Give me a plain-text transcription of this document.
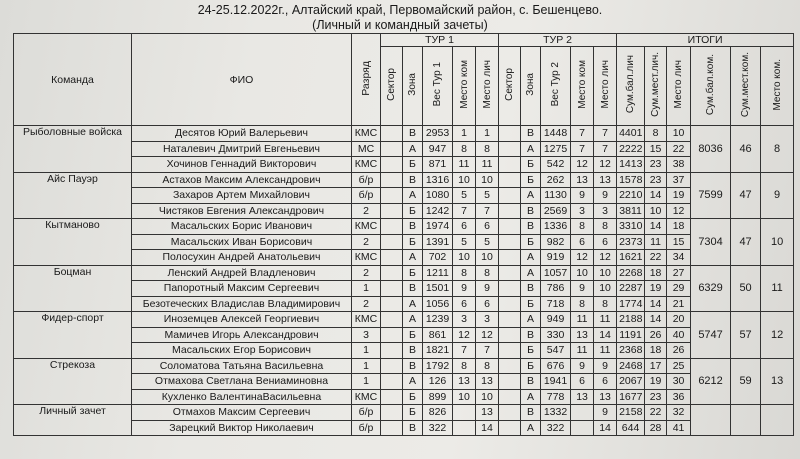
24-25.12.2022г., Алтайский край, Первомайский район, с. Бешенцево.
(Личный и командный зачеты)
Команда	ФИО	Разряд	ТУР 1					ТУР 2					ИТОГИ					
			Сектор	Зона	Вес Тур 1	Место ком	Место лич	Сектор	Зона	Вес Тур 2	Место ком	Место лич	Сум.бал.лич	Сум.мест.лич.	Место лич	Сум.бал.ком.	Сум.мест.ком.	Место ком.
Рыболовные войска	Десятов Юрий Валерьевич	КМС		В	2953	1	1		В	1448	7	7	4401	8	10	8036	46	8
	Наталевич Дмитрий Евгеньевич	МС		А	947	8	8		А	1275	7	7	2222	15	22			
	Хочинов Геннадий Викторович	КМС		Б	871	11	11		Б	542	12	12	1413	23	38			
Айс Пауэр	Астахов Максим Александрович	б/р		В	1316	10	10		Б	262	13	13	1578	23	37	7599	47	9
	Захаров Артем Михайлович	б/р		А	1080	5	5		А	1130	9	9	2210	14	19			
	Чистяков Евгения Александрович	2		Б	1242	7	7		В	2569	3	3	3811	10	12			
Кытманово	Масальских Борис Иванович	КМС		В	1974	6	6		В	1336	8	8	3310	14	18	7304	47	10
	Масальских Иван Борисович	2		Б	1391	5	5		Б	982	6	6	2373	11	15			
	Полосухин Андрей Анатольевич	КМС		А	702	10	10		А	919	12	12	1621	22	34			
Боцман	Ленский Андрей Владленович	2		Б	1211	8	8		А	1057	10	10	2268	18	27	6329	50	11
	Папоротный Максим Сергеевич	1		В	1501	9	9		В	786	9	10	2287	19	29			
	Безотеческих Владислав Владимирович	2		А	1056	6	6		Б	718	8	8	1774	14	21			
Фидер-спорт	Иноземцев Алексей Георгиевич	КМС		А	1239	3	3		А	949	11	11	2188	14	20	5747	57	12
	Мамичев Игорь Александрович	3		Б	861	12	12		В	330	13	14	1191	26	40			
	Масальских Егор Борисович	1		В	1821	7	7		Б	547	11	11	2368	18	26			
Стрекоза	Соломатова Татьяна Васильевна	1		В	1792	8	8		Б	676	9	9	2468	17	25	6212	59	13
	Отмахова Светлана Вениаминовна	1		А	126	13	13		В	1941	6	6	2067	19	30			
	Кухленко ВалентинаВасильевна	КМС		Б	899	10	10		А	778	13	13	1677	23	36			
Личный зачет	Отмахов Максим Сергеевич	б/р		Б	826		13		В	1332		9	2158	22	32			
	Зарецкий Виктор Николаевич	б/р		В	322		14		А	322		14	644	28	41			
